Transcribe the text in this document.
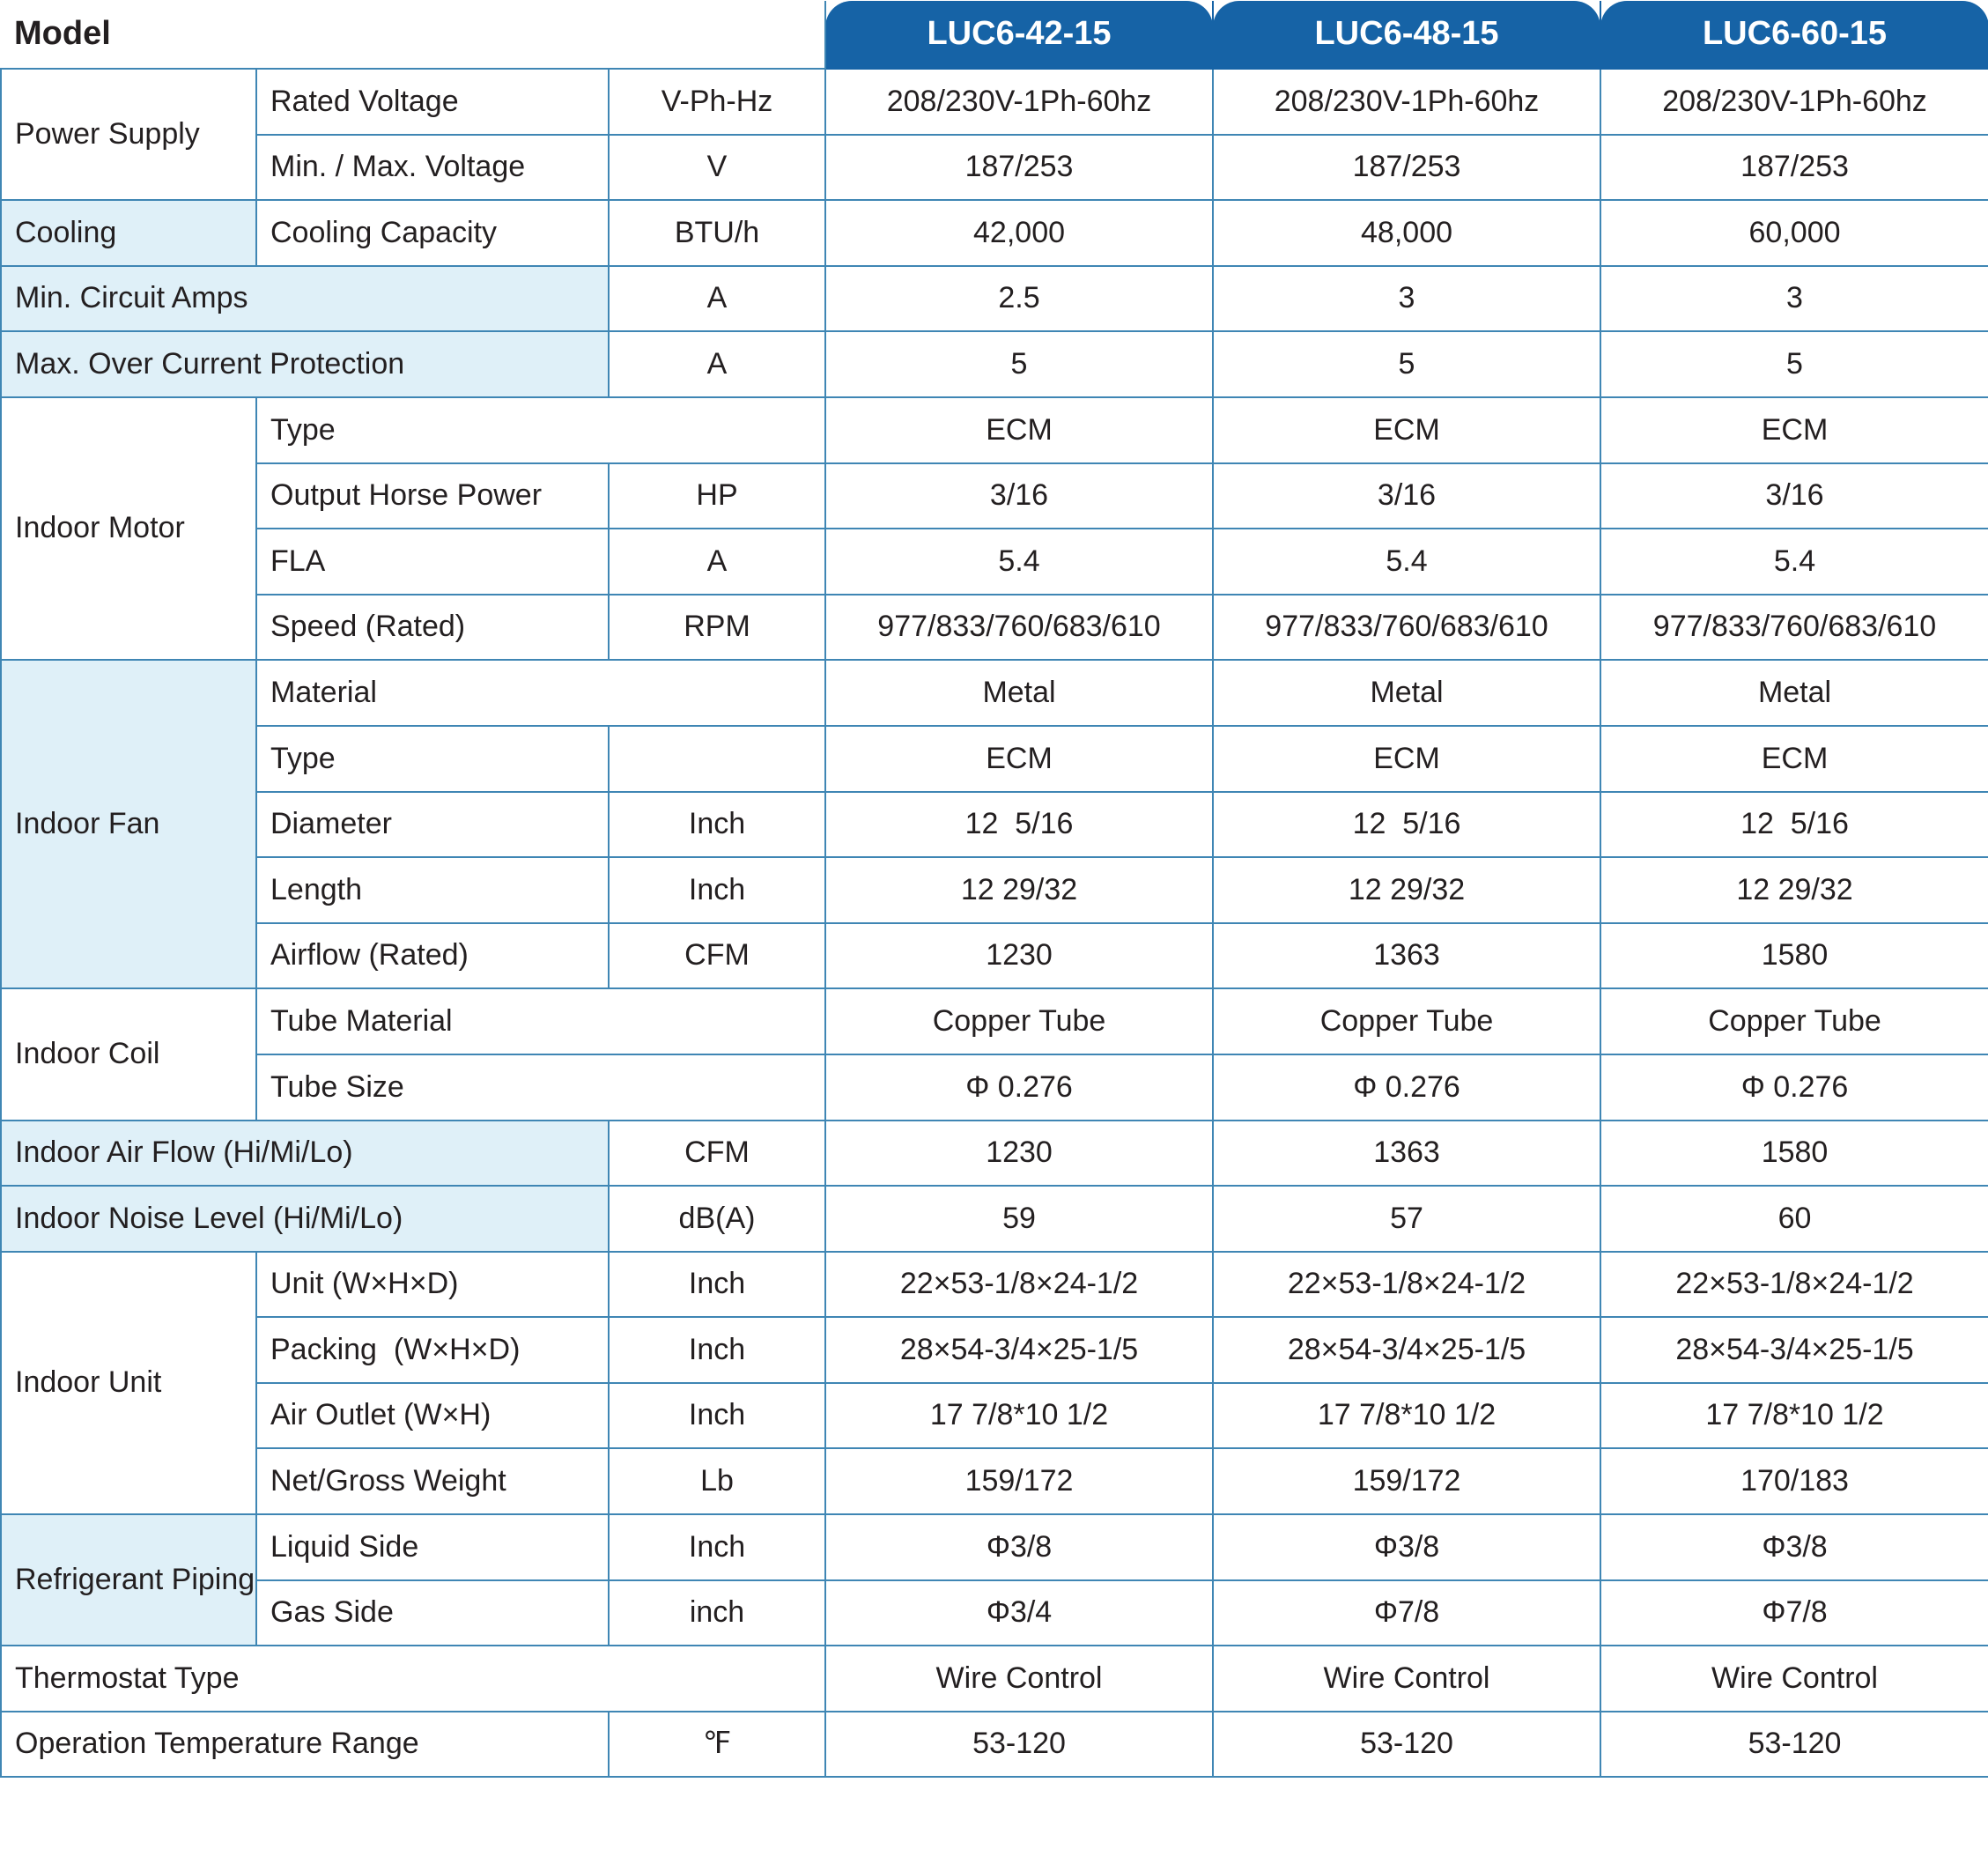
Model			LUC6-42-15	LUC6-48-15	LUC6-60-15
Power Supply	Rated Voltage	V-Ph-Hz	208/230V-1Ph-60hz	208/230V-1Ph-60hz	208/230V-1Ph-60hz
	Min. / Max. Voltage	V	187/253	187/253	187/253
Cooling	Cooling Capacity	BTU/h	42,000	48,000	60,000
Min. Circuit Amps		A	2.5	3	3
Max. Over Current Protection		A	5	5	5
Indoor Motor	Type		ECM	ECM	ECM
	Output Horse Power	HP	3/16	3/16	3/16
	FLA	A	5.4	5.4	5.4
	Speed (Rated)	RPM	977/833/760/683/610	977/833/760/683/610	977/833/760/683/610
Indoor Fan	Material		Metal	Metal	Metal
	Type		ECM	ECM	ECM
	Diameter	Inch	12  5/16	12  5/16	12  5/16
	Length	Inch	12 29/32	12 29/32	12 29/32
	Airflow (Rated)	CFM	1230	1363	1580
Indoor Coil	Tube Material		Copper Tube	Copper Tube	Copper Tube
	Tube Size		Φ 0.276	Φ 0.276	Φ 0.276
Indoor Air Flow (Hi/Mi/Lo)		CFM	1230	1363	1580
Indoor Noise Level (Hi/Mi/Lo)		dB(A)	59	57	60
Indoor Unit	Unit (W×H×D)	Inch	22×53-1/8×24-1/2	22×53-1/8×24-1/2	22×53-1/8×24-1/2
	Packing  (W×H×D)	Inch	28×54-3/4×25-1/5	28×54-3/4×25-1/5	28×54-3/4×25-1/5
	Air Outlet (W×H)	Inch	17 7/8*10 1/2	17 7/8*10 1/2	17 7/8*10 1/2
	Net/Gross Weight	Lb	159/172	159/172	170/183
Refrigerant Piping	Liquid Side	Inch	Φ3/8	Φ3/8	Φ3/8
	Gas Side	inch	Φ3/4	Φ7/8	Φ7/8
Thermostat Type			Wire Control	Wire Control	Wire Control
Operation Temperature Range		℉	53-120	53-120	53-120
